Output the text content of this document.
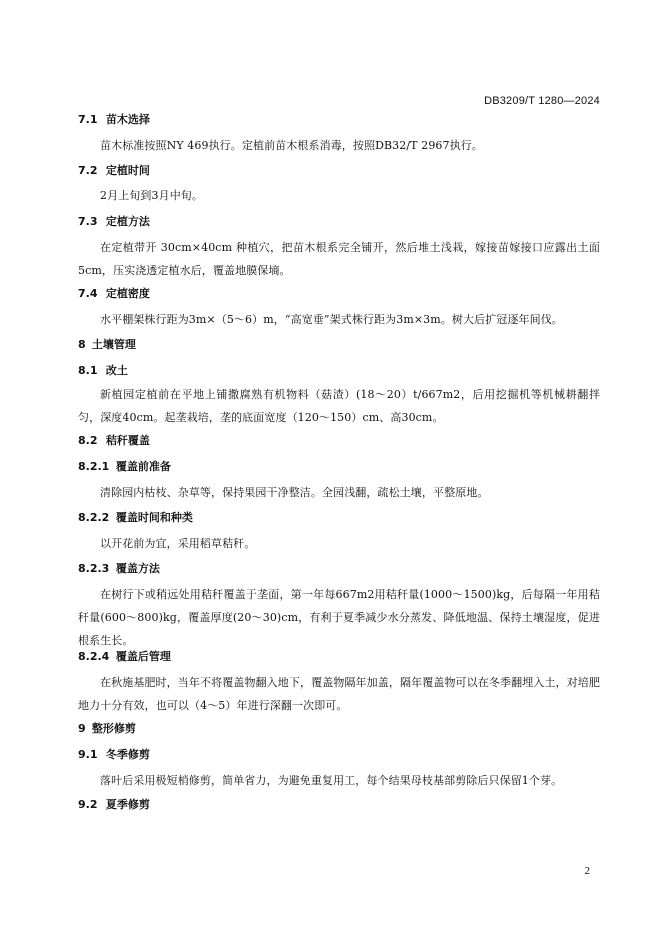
DB3209/T 1280—2024
7.1 苗木选择
苗木标准按照NY 469执行。定植前苗木根系消毒，按照DB32/T 2967执行。
7.2 定植时间
2月上旬到3月中旬。
7.3 定植方法
在定植带开 30cm×40cm 种植穴，把苗木根系完全铺开，然后堆土浅栽，嫁接苗嫁接口应露出土面5cm，压实浇透定植水后，覆盖地膜保墒。
7.4 定植密度
水平棚架株行距为3m×（5～6）m，“高宽垂”架式株行距为3m×3m。树大后扩冠逐年间伐。
8 土壤管理
8.1 改土
新植园定植前在平地上铺撒腐熟有机物料（菇渣）(18～20）t/667m2，后用挖掘机等机械耕翻拌匀，深度40cm。起垄栽培，垄的底面宽度（120～150）cm、高30cm。
8.2 秸秆覆盖
8.2.1 覆盖前准备
清除园内枯枝、杂草等，保持果园干净整洁。全园浅翻，疏松土壤，平整原地。
8.2.2 覆盖时间和种类
以开花前为宜，采用稻草秸秆。
8.2.3 覆盖方法
在树行下或稍远处用秸秆覆盖于垄面，第一年每667m2用秸秆量(1000～1500)kg，后每隔一年用秸秆量(600～800)kg，覆盖厚度(20～30)cm，有利于夏季减少水分蒸发、降低地温、保持土壤湿度，促进根系生长。
8.2.4 覆盖后管理
在秋施基肥时，当年不将覆盖物翻入地下，覆盖物隔年加盖，隔年覆盖物可以在冬季翻埋入土，对培肥地力十分有效，也可以（4～5）年进行深翻一次即可。
9 整形修剪
9.1 冬季修剪
落叶后采用极短梢修剪，简单省力，为避免重复用工，每个结果母枝基部剪除后只保留1个芽。
9.2 夏季修剪
2
